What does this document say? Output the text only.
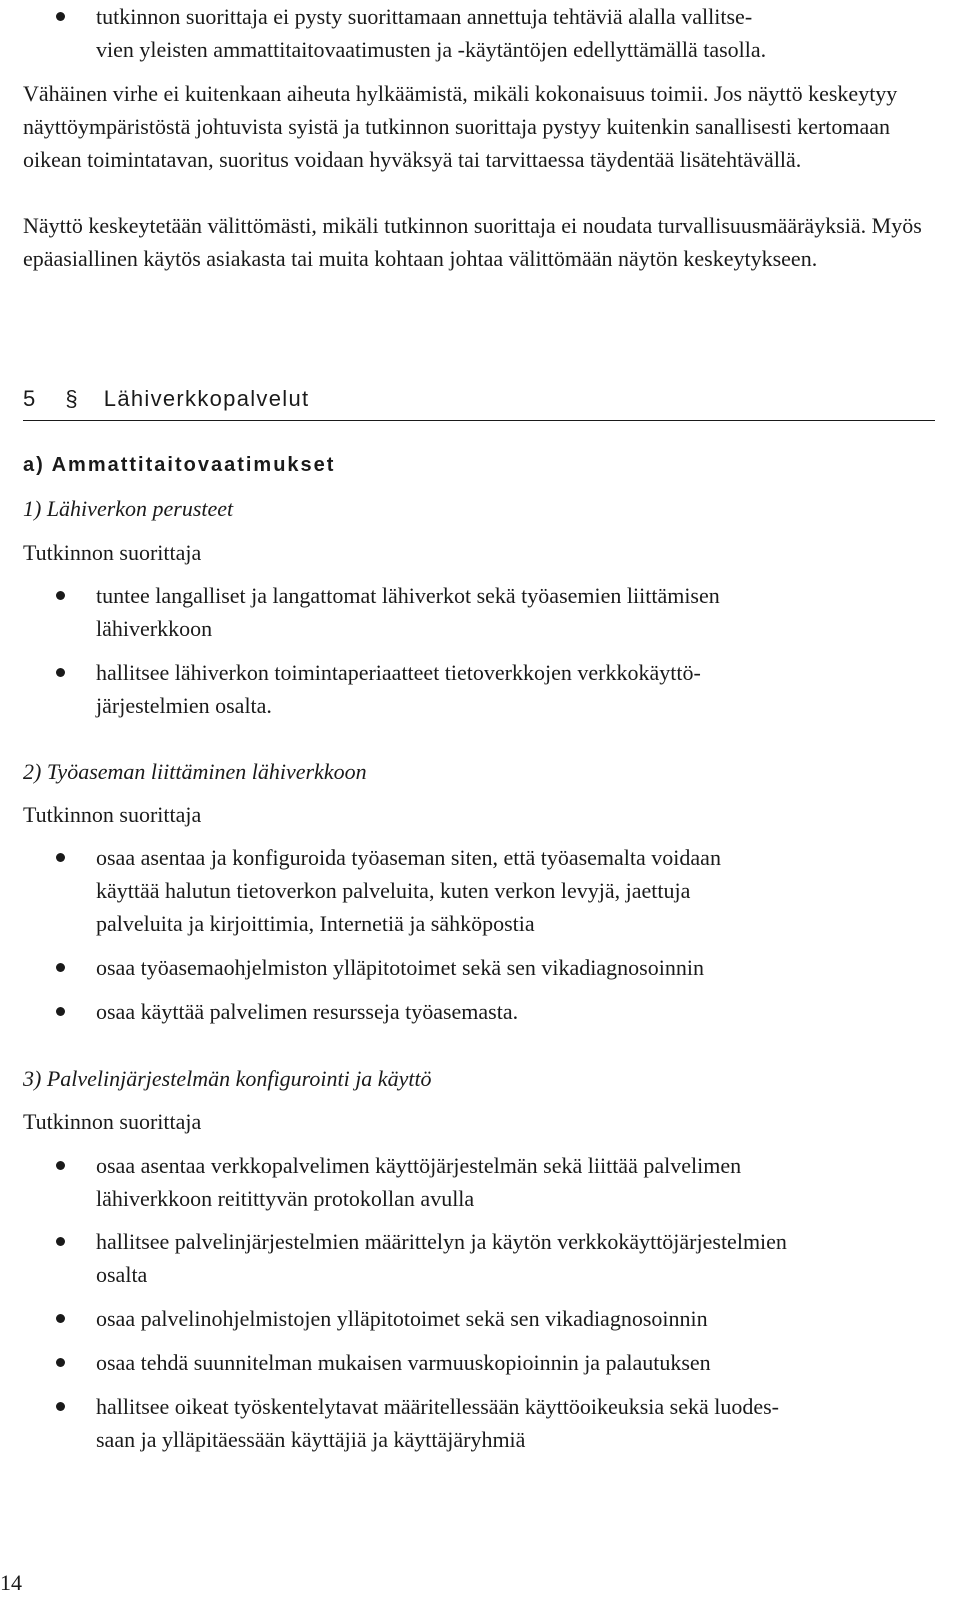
tutkinnon suorittaja ei pysty suorittamaan annettuja tehtäviä alalla vallitse-
vien yleisten ammattitaitovaatimusten ja -käytäntöjen edellyttämällä tasolla.
Vähäinen virhe ei kuitenkaan aiheuta hylkäämistä, mikäli kokonaisuus toimii. Jos näyttö keskeytyy näyttöympäristöstä johtuvista syistä ja tutkinnon suorittaja pystyy kuitenkin sanallisesti kertomaan oikean toimintatavan, suoritus voidaan hyväksyä tai tarvittaessa täydentää lisätehtävällä.
Näyttö keskeytetään välittömästi, mikäli tutkinnon suorittaja ei noudata turvallisuusmääräyksiä. Myös epäasiallinen käytös asiakasta tai muita kohtaan johtaa välittömään näytön keskeytykseen.
5 § Lähiverkkopalvelut
a) Ammattitaitovaatimukset
1) Lähiverkon perusteet
Tutkinnon suorittaja
tuntee langalliset ja langattomat lähiverkot sekä työasemien liittämisen
lähiverkkoon
hallitsee lähiverkon toimintaperiaatteet tietoverkkojen verkkokäyttö-
järjestelmien osalta.
2) Työaseman liittäminen lähiverkkoon
Tutkinnon suorittaja
osaa asentaa ja konfiguroida työaseman siten, että työasemalta voidaan
käyttää halutun tietoverkon palveluita, kuten verkon levyjä, jaettuja
palveluita ja kirjoittimia, Internetiä ja sähköpostia
osaa työasemaohjelmiston ylläpitotoimet sekä sen vikadiagnosoinnin
osaa käyttää palvelimen resursseja työasemasta.
3) Palvelinjärjestelmän konfigurointi ja käyttö
Tutkinnon suorittaja
osaa asentaa verkkopalvelimen käyttöjärjestelmän sekä liittää palvelimen
lähiverkkoon reitittyvän protokollan avulla
hallitsee palvelinjärjestelmien määrittelyn ja käytön verkkokäyttöjärjestelmien
osalta
osaa palvelinohjelmistojen ylläpitotoimet sekä sen vikadiagnosoinnin
osaa tehdä suunnitelman mukaisen varmuuskopioinnin ja palautuksen
hallitsee oikeat työskentelytavat määritellessään käyttöoikeuksia sekä luodes-
saan ja ylläpitäessään käyttäjiä ja käyttäjäryhmiä
14
